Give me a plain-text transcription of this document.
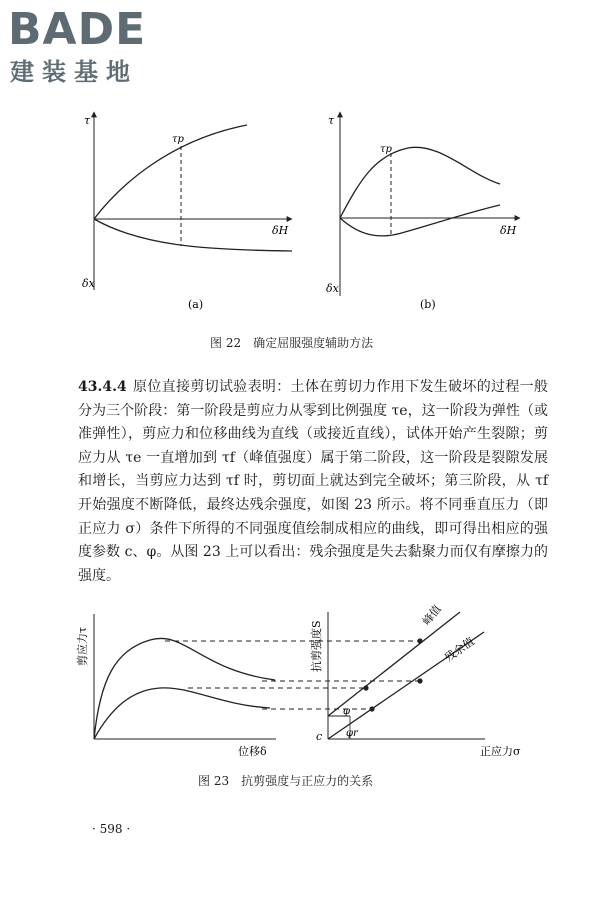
BADE
建装基地
τ
δH
τp
δx
(a)
τ
δH
τp
δx
(b)
剪应力τ
位移δ
抗剪强度S
正应力σ
峰值
残余值
c
φ
φr
图 22　确定屈服强度辅助方法

43.4.4 原位直接剪切试验表明：土体在剪切力作用下发生破坏的过程一般分为三个阶段：第一阶段是剪应力从零到比例强度 τe，这一阶段为弹性（或准弹性），剪应力和位移曲线为直线（或接近直线），试体开始产生裂隙；剪应力从 τe 一直增加到 τf（峰值强度）属于第二阶段，这一阶段是裂隙发展和增长，当剪应力达到 τf 时，剪切面上就达到完全破坏；第三阶段，从 τf 开始强度不断降低，最终达残余强度，如图 23 所示。将不同垂直压力（即正应力 σ）条件下所得的不同强度值绘制成相应的曲线，即可得出相应的强度参数 c、φ。从图 23 上可以看出：残余强度是失去黏聚力而仅有摩擦力的强度。

图 23　抗剪强度与正应力的关系
· 598 ·
